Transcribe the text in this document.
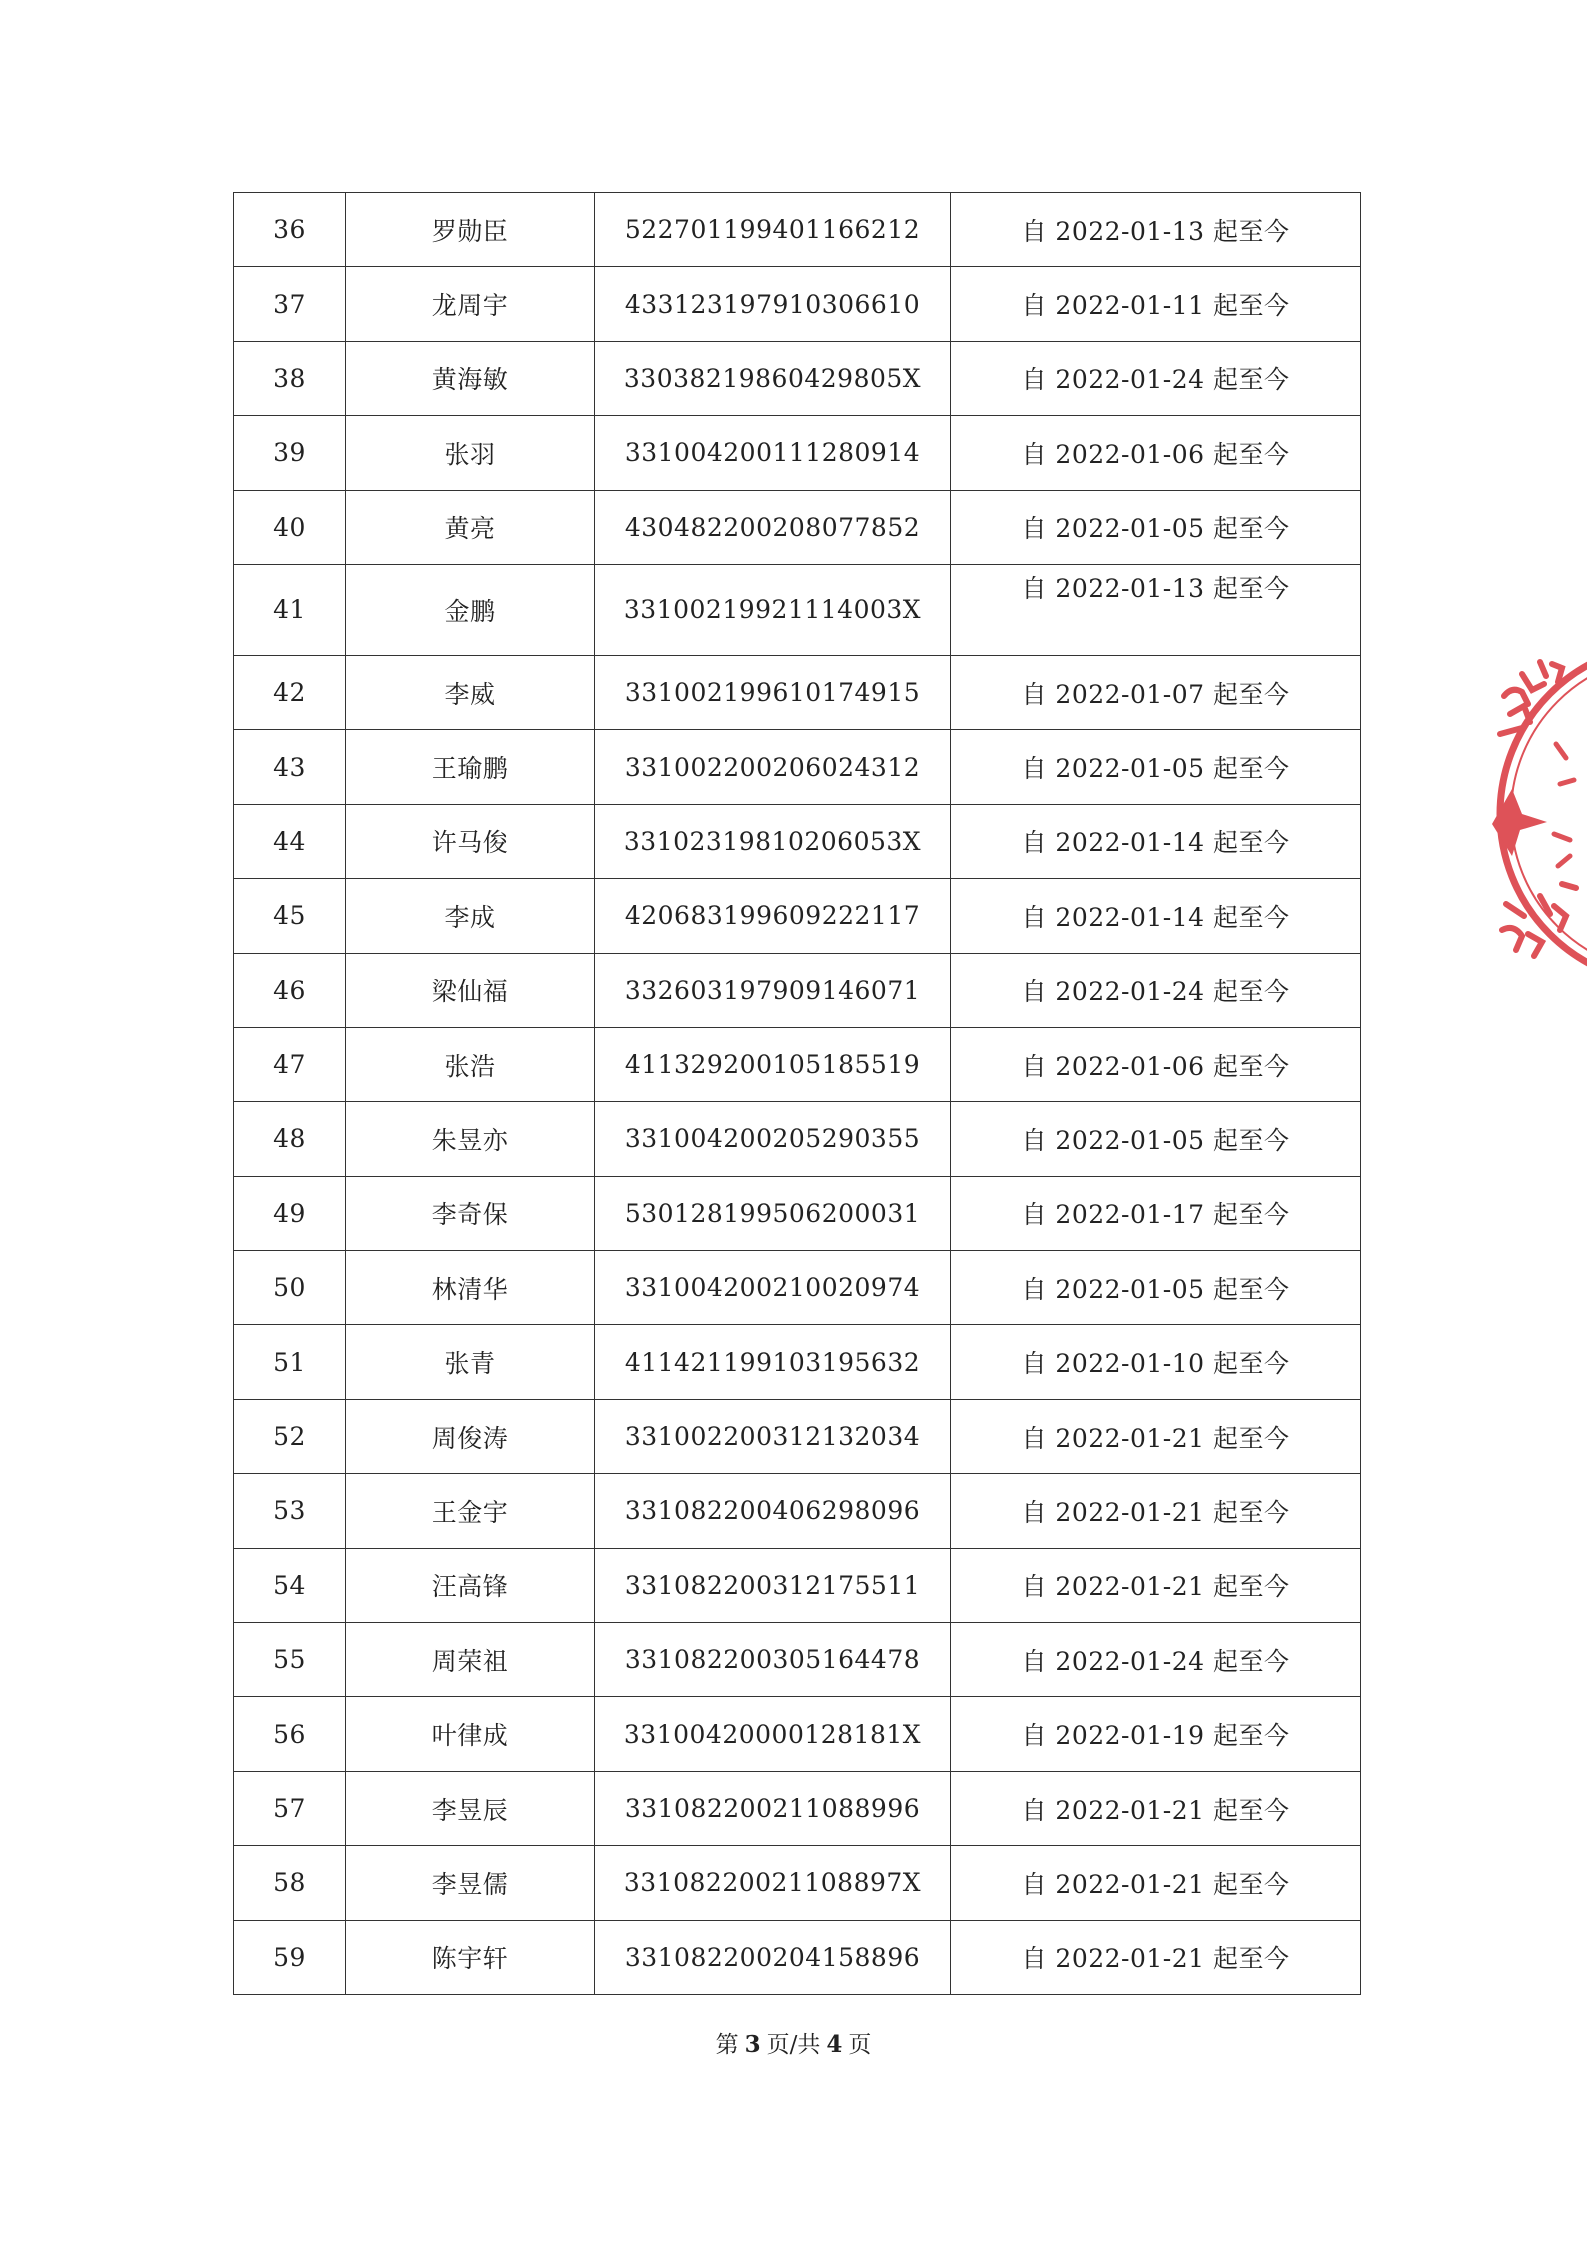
36	罗勋臣	522701199401166212	自 2022-01-13 起至今
37	龙周宇	433123197910306610	自 2022-01-11 起至今
38	黄海敏	33038219860429805X	自 2022-01-24 起至今
39	张羽	331004200111280914	自 2022-01-06 起至今
40	黄亮	430482200208077852	自 2022-01-05 起至今
41	金鹏	33100219921114003X	自 2022-01-13 起至今
42	李威	331002199610174915	自 2022-01-07 起至今
43	王瑜鹏	331002200206024312	自 2022-01-05 起至今
44	许马俊	33102319810206053X	自 2022-01-14 起至今
45	李成	420683199609222117	自 2022-01-14 起至今
46	梁仙福	332603197909146071	自 2022-01-24 起至今
47	张浩	411329200105185519	自 2022-01-06 起至今
48	朱昱亦	331004200205290355	自 2022-01-05 起至今
49	李奇保	530128199506200031	自 2022-01-17 起至今
50	林清华	331004200210020974	自 2022-01-05 起至今
51	张青	411421199103195632	自 2022-01-10 起至今
52	周俊涛	331002200312132034	自 2022-01-21 起至今
53	王金宇	331082200406298096	自 2022-01-21 起至今
54	汪高锋	331082200312175511	自 2022-01-21 起至今
55	周荣祖	331082200305164478	自 2022-01-24 起至今
56	叶律成	33100420000128181X	自 2022-01-19 起至今
57	李昱辰	331082200211088996	自 2022-01-21 起至今
58	李昱儒	33108220021108897X	自 2022-01-21 起至今
59	陈宇轩	331082200204158896	自 2022-01-21 起至今
第 3 页/共 4 页
